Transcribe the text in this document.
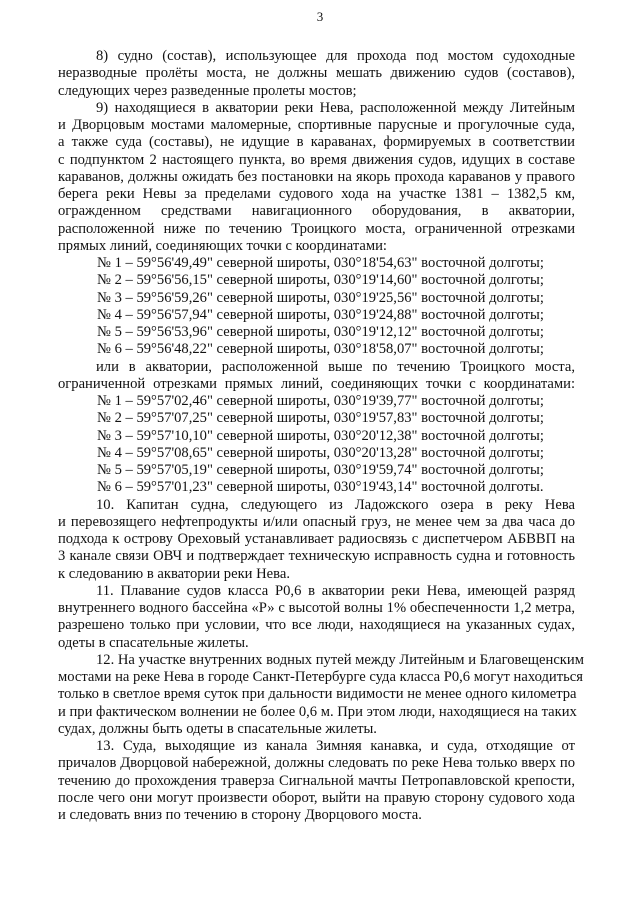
3
8) судно (состав), использующее для прохода под мостом судоходные
неразводные пролёты моста, не должны мешать движению судов (составов),
следующих через разведенные пролеты мостов;
9) находящиеся в акватории реки Нева, расположенной между Литейным
и Дворцовым мостами маломерные, спортивные парусные и прогулочные суда,
а также суда (составы), не идущие в караванах, формируемых в соответствии
с подпунктом 2 настоящего пункта, во время движения судов, идущих в составе
караванов, должны ожидать без постановки на якорь прохода караванов у правого
берега реки Невы за пределами судового хода на участке 1381 – 1382,5 км,
огражденном средствами навигационного оборудования, в акватории,
расположенной ниже по течению Троицкого моста, ограниченной отрезками
прямых линий, соединяющих точки с координатами:
№ 1 – 59°56'49,49" северной широты, 030°18'54,63" восточной долготы;
№ 2 – 59°56'56,15" северной широты, 030°19'14,60" восточной долготы;
№ 3 – 59°56'59,26" северной широты, 030°19'25,56" восточной долготы;
№ 4 – 59°56'57,94" северной широты, 030°19'24,88" восточной долготы;
№ 5 – 59°56'53,96" северной широты, 030°19'12,12" восточной долготы;
№ 6 – 59°56'48,22" северной широты, 030°18'58,07" восточной долготы;
или в акватории, расположенной выше по течению Троицкого моста,
ограниченной отрезками прямых линий, соединяющих точки с координатами:
№ 1 – 59°57'02,46" северной широты, 030°19'39,77" восточной долготы;
№ 2 – 59°57'07,25" северной широты, 030°19'57,83" восточной долготы;
№ 3 – 59°57'10,10" северной широты, 030°20'12,38" восточной долготы;
№ 4 – 59°57'08,65" северной широты, 030°20'13,28" восточной долготы;
№ 5 – 59°57'05,19" северной широты, 030°19'59,74" восточной долготы;
№ 6 – 59°57'01,23" северной широты, 030°19'43,14" восточной долготы.
10. Капитан судна, следующего из Ладожского озера в реку Нева
и перевозящего нефтепродукты и/или опасный груз, не менее чем за два часа до
подхода к острову Ореховый устанавливает радиосвязь с диспетчером АБВВП на
3 канале связи ОВЧ и подтверждает техническую исправность судна и готовность
к следованию в акватории реки Нева.
11. Плавание судов класса Р0,6 в акватории реки Нева, имеющей разряд
внутреннего водного бассейна «Р» с высотой волны 1% обеспеченности 1,2 метра,
разрешено только при условии, что все люди, находящиеся на указанных судах,
одеты в спасательные жилеты.
12. На участке внутренних водных путей между Литейным и Благовещенским
мостами на реке Нева в городе Санкт-Петербурге суда класса Р0,6 могут находиться
только в светлое время суток при дальности видимости не менее одного километра
и при фактическом волнении не более 0,6 м. При этом люди, находящиеся на таких
судах, должны быть одеты в спасательные жилеты.
13. Суда, выходящие из канала Зимняя канавка, и суда, отходящие от
причалов Дворцовой набережной, должны следовать по реке Нева только вверх по
течению до прохождения траверза Сигнальной мачты Петропавловской крепости,
после чего они могут произвести оборот, выйти на правую сторону судового хода
и следовать вниз по течению в сторону Дворцового моста.
